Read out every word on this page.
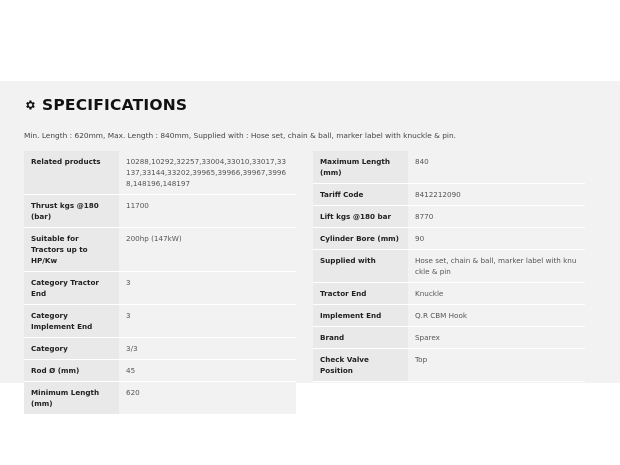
SPECIFICATIONS
Min. Length : 620mm, Max. Length : 840mm, Supplied with : Hose set, chain & ball, marker label with knuckle & pin.
Related products	10288,10292,32257,33004,33010,33017,33137,33144,33202,39965,39966,39967,39968,148196,148197
Thrust kgs @180 (bar)	11700
Suitable for Tractors up to HP/Kw	200hp (147kW)
Category Tractor End	3
Category Implement End	3
Category	3/3
Rod Ø (mm)	45
Minimum Length (mm)	620
Maximum Length (mm)	840
Tariff Code	8412212090
Lift kgs @180 bar	8770
Cylinder Bore (mm)	90
Supplied with	Hose set, chain & ball, marker label with knuckle & pin
Tractor End	Knuckle
Implement End	Q.R CBM Hook
Brand	Sparex
Check Valve Position	Top
